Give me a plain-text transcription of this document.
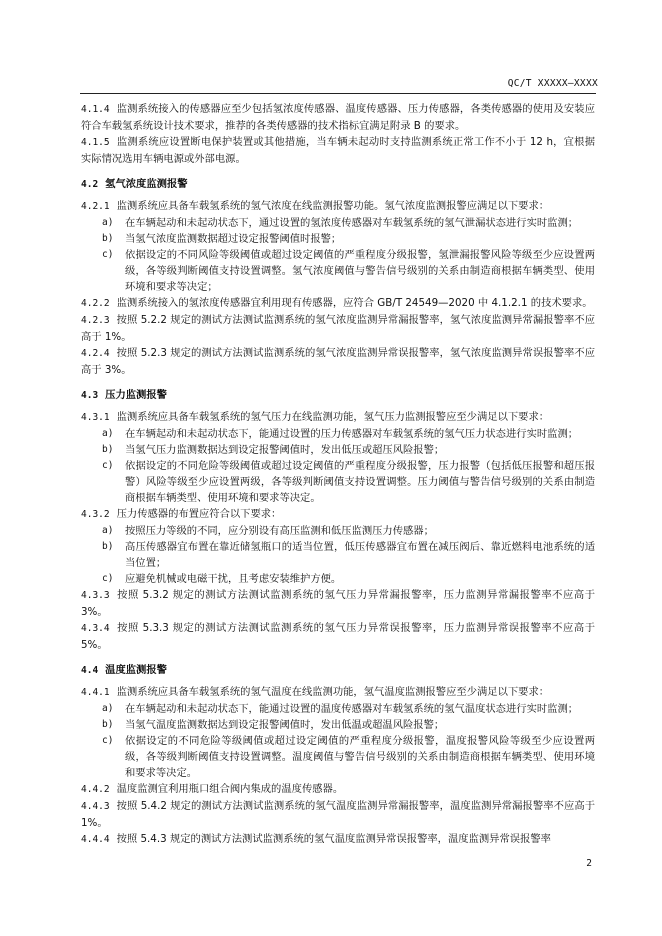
QC/T XXXXX—XXXX

4.1.4 监测系统接入的传感器应至少包括氢浓度传感器、温度传感器、压力传感器，各类传感器的使用及安装应符合车载氢系统设计技术要求，推荐的各类传感器的技术指标宜满足附录 B 的要求。

4.1.5 监测系统应设置断电保护装置或其他措施，当车辆未起动时支持监测系统正常工作不小于 12 h，宜根据实际情况选用车辆电源或外部电源。

4.2 氢气浓度监测报警

4.2.1 监测系统应具备车载氢系统的氢气浓度在线监测报警功能。氢气浓度监测报警应满足以下要求：

a) 在车辆起动和未起动状态下，通过设置的氢浓度传感器对车载氢系统的氢气泄漏状态进行实时监测；

b) 当氢气浓度监测数据超过设定报警阈值时报警；

c) 依据设定的不同风险等级阈值或超过设定阈值的严重程度分级报警，氢泄漏报警风险等级至少应设置两级，各等级判断阈值支持设置调整。氢气浓度阈值与警告信号级别的关系由制造商根据车辆类型、使用环境和要求等决定；

4.2.2 监测系统接入的氢浓度传感器宜利用现有传感器，应符合 GB/T 24549—2020 中 4.1.2.1 的技术要求。

4.2.3 按照 5.2.2 规定的测试方法测试监测系统的氢气浓度监测异常漏报警率，氢气浓度监测异常漏报警率不应高于 1%。

4.2.4 按照 5.2.3 规定的测试方法测试监测系统的氢气浓度监测异常误报警率，氢气浓度监测异常误报警率不应高于 3%。

4.3 压力监测报警

4.3.1 监测系统应具备车载氢系统的氢气压力在线监测功能，氢气压力监测报警应至少满足以下要求：

a) 在车辆起动和未起动状态下，能通过设置的压力传感器对车载氢系统的氢气压力状态进行实时监测；

b) 当氢气压力监测数据达到设定报警阈值时，发出低压或超压风险报警；

c) 依据设定的不同危险等级阈值或超过设定阈值的严重程度分级报警，压力报警（包括低压报警和超压报警）风险等级至少应设置两级，各等级判断阈值支持设置调整。压力阈值与警告信号级别的关系由制造商根据车辆类型、使用环境和要求等决定。

4.3.2 压力传感器的布置应符合以下要求：

a) 按照压力等级的不同，应分别设有高压监测和低压监测压力传感器；

b) 高压传感器宜布置在靠近储氢瓶口的适当位置，低压传感器宜布置在减压阀后、靠近燃料电池系统的适当位置；

c) 应避免机械或电磁干扰，且考虑安装维护方便。

4.3.3 按照 5.3.2 规定的测试方法测试监测系统的氢气压力异常漏报警率，压力监测异常漏报警率不应高于 3%。

4.3.4 按照 5.3.3 规定的测试方法测试监测系统的氢气压力异常误报警率，压力监测异常误报警率不应高于 5%。

4.4 温度监测报警

4.4.1 监测系统应具备车载氢系统的氢气温度在线监测功能，氢气温度监测报警应至少满足以下要求：

a) 在车辆起动和未起动状态下，能通过设置的温度传感器对车载氢系统的氢气温度状态进行实时监测；

b) 当氢气温度监测数据达到设定报警阈值时，发出低温或超温风险报警；

c) 依据设定的不同危险等级阈值或超过设定阈值的严重程度分级报警，温度报警风险等级至少应设置两级，各等级判断阈值支持设置调整。温度阈值与警告信号级别的关系由制造商根据车辆类型、使用环境和要求等决定。

4.4.2 温度监测宜利用瓶口组合阀内集成的温度传感器。

4.4.3 按照 5.4.2 规定的测试方法测试监测系统的氢气温度监测异常漏报警率，温度监测异常漏报警率不应高于 1%。

4.4.4 按照 5.4.3 规定的测试方法测试监测系统的氢气温度监测异常误报警率，温度监测异常误报警率

2
